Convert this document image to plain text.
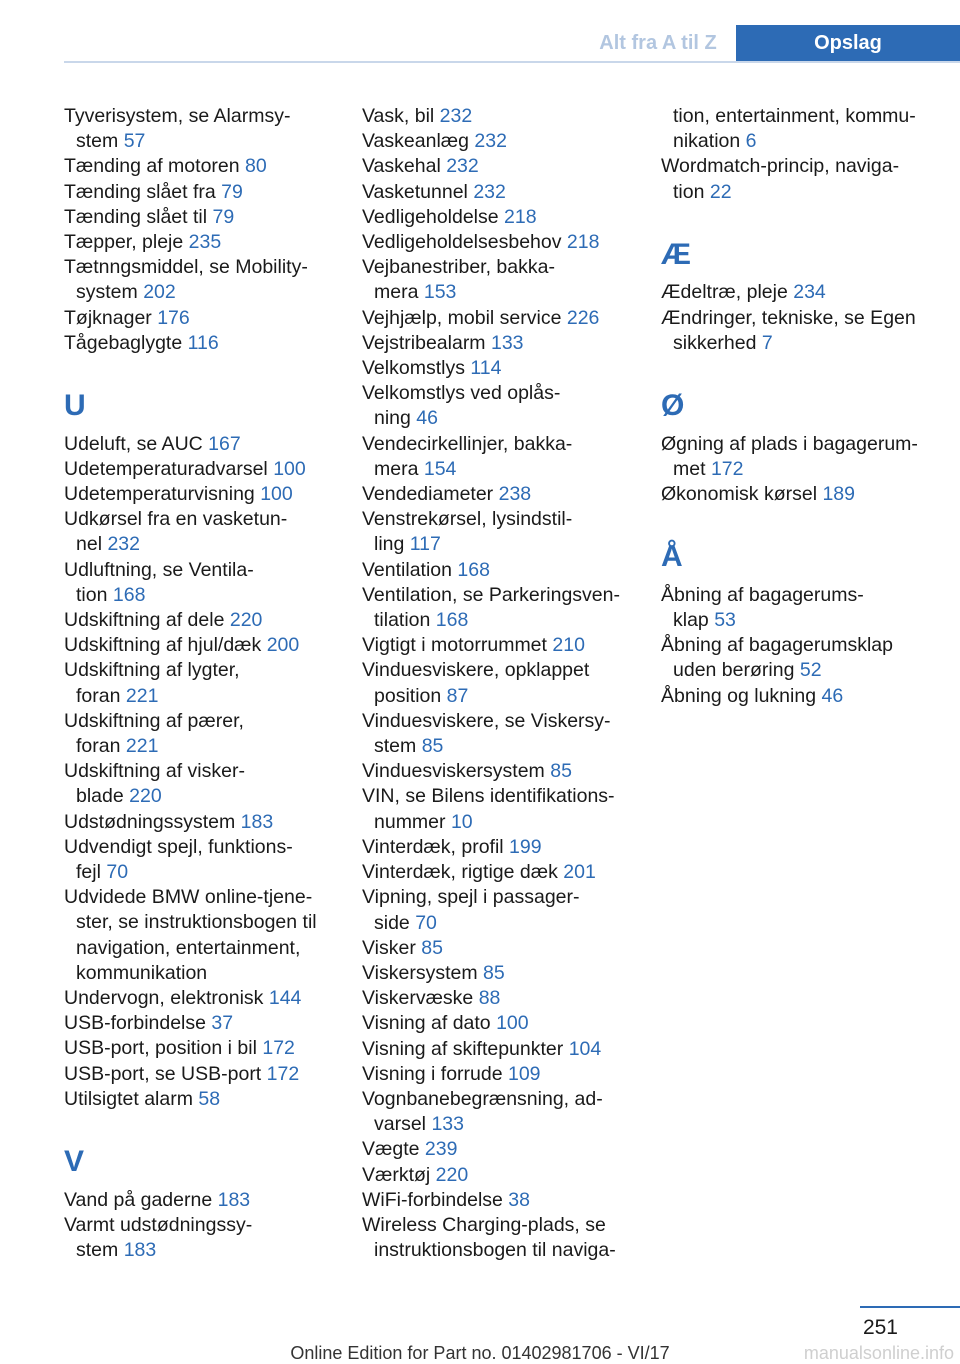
Alt fra A til Z	Opslag
Tyverisystem, se Alarmsy-
stem 57
Tænding af motoren 80
Tænding slået fra 79
Tænding slået til 79
Tæpper, pleje 235
Tætnngsmiddel, se Mobility-
system 202
Tøjknager 176
Tågebaglygte 116
U
Udeluft, se AUC 167
Udetemperaturadvarsel 100
Udetemperaturvisning 100
Udkørsel fra en vasketun-
nel 232
Udluftning, se Ventila-
tion 168
Udskiftning af dele 220
Udskiftning af hjul/dæk 200
Udskiftning af lygter,
foran 221
Udskiftning af pærer,
foran 221
Udskiftning af visker-
blade 220
Udstødningssystem 183
Udvendigt spejl, funktions-
fejl 70
Udvidede BMW online-tjene-
ster, se instruktionsbogen til
navigation, entertainment,
kommunikation
Undervogn, elektronisk 144
USB-forbindelse 37
USB-port, position i bil 172
USB-port, se USB-port 172
Utilsigtet alarm 58
V
Vand på gaderne 183
Varmt udstødningssy-
stem 183
Vask, bil 232
Vaskeanlæg 232
Vaskehal 232
Vasketunnel 232
Vedligeholdelse 218
Vedligeholdelsesbehov 218
Vejbanestriber, bakka-
mera 153
Vejhjælp, mobil service 226
Vejstribealarm 133
Velkomstlys 114
Velkomstlys ved oplås-
ning 46
Vendecirkellinjer, bakka-
mera 154
Vendediameter 238
Venstrekørsel, lysindstil-
ling 117
Ventilation 168
Ventilation, se Parkeringsven-
tilation 168
Vigtigt i motorrummet 210
Vinduesviskere, opklappet
position 87
Vinduesviskere, se Viskersy-
stem 85
Vinduesviskersystem 85
VIN, se Bilens identifikations-
nummer 10
Vinterdæk, profil 199
Vinterdæk, rigtige dæk 201
Vipning, spejl i passager-
side 70
Visker 85
Viskersystem 85
Viskervæske 88
Visning af dato 100
Visning af skiftepunkter 104
Visning i forrude 109
Vognbanebegrænsning, ad-
varsel 133
Vægte 239
Værktøj 220
WiFi-forbindelse 38
Wireless Charging-plads, se
instruktionsbogen til naviga-
tion, entertainment, kommu-
nikation 6
Wordmatch-princip, naviga-
tion 22
Æ
Ædeltræ, pleje 234
Ændringer, tekniske, se Egen
sikkerhed 7
Ø
Øgning af plads i bagagerum-
met 172
Økonomisk kørsel 189
Å
Åbning af bagagerums-
klap 53
Åbning af bagagerumsklap
uden berøring 52
Åbning og lukning 46
251
Online Edition for Part no. 01402981706 - VI/17	manualsonline.info
